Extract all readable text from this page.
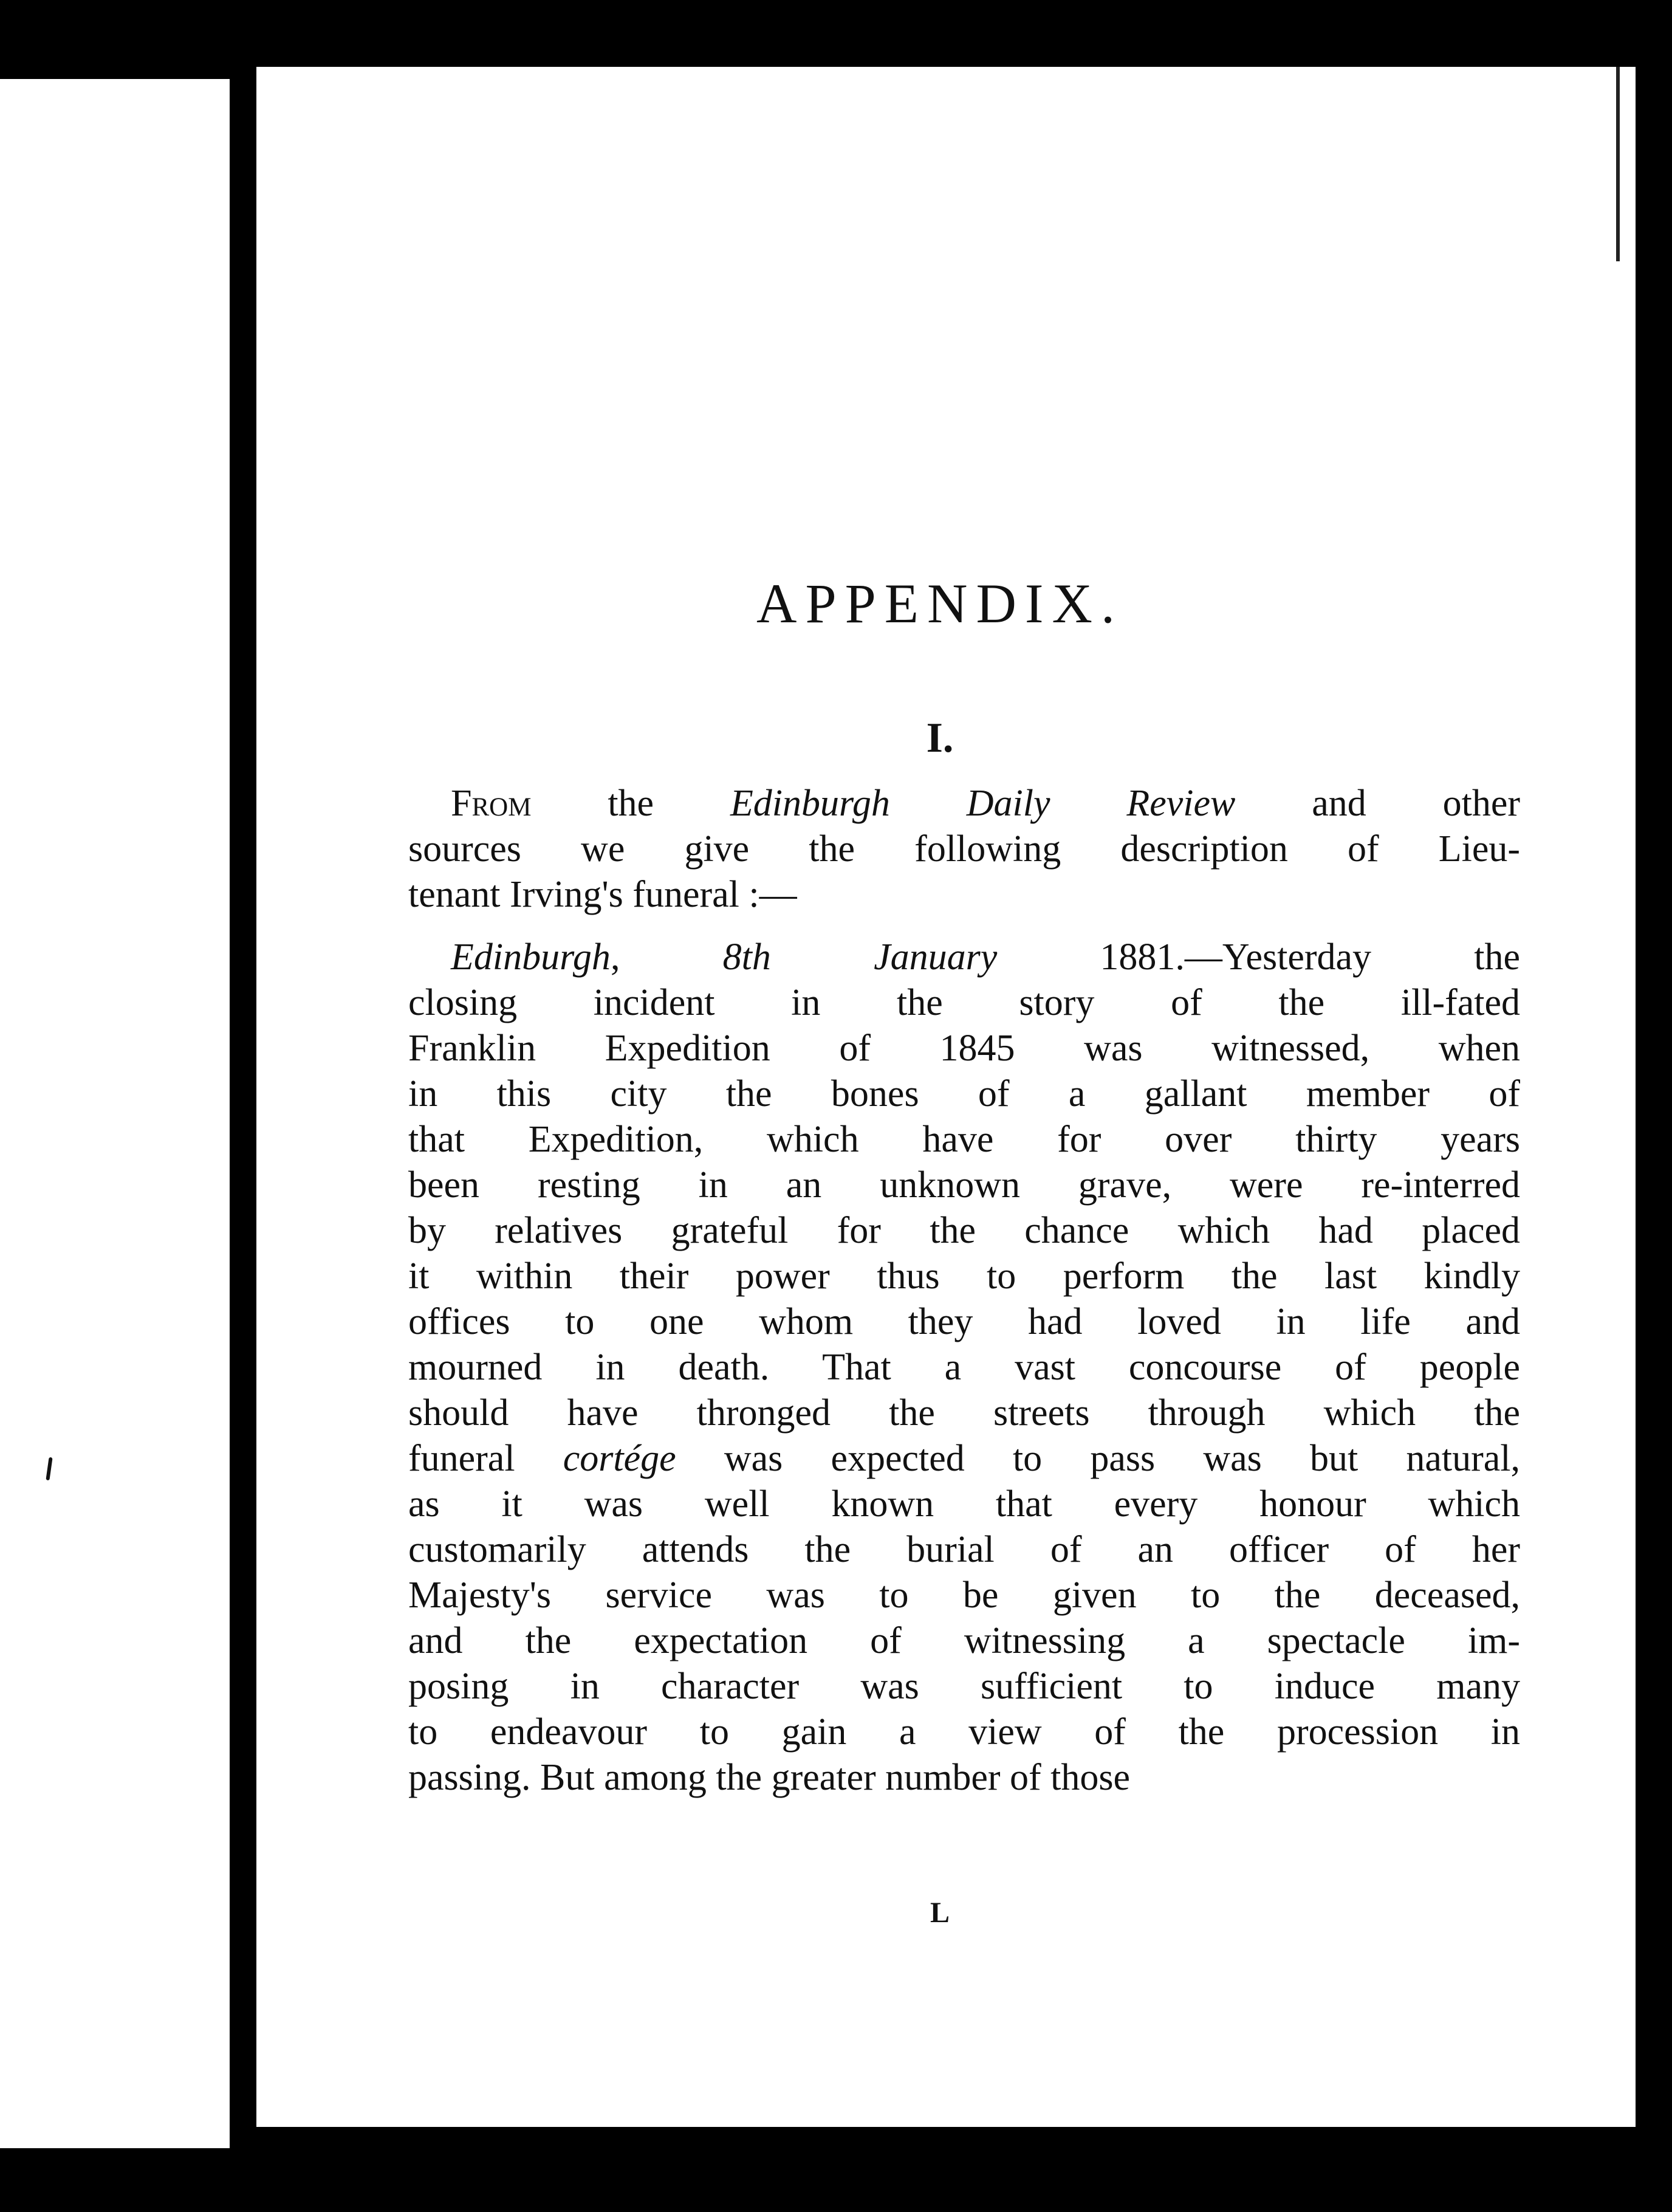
APPENDIX.
I.

From the Edinburgh Daily Review and other
sources we give the following description of Lieu-
tenant Irving's funeral :—

Edinburgh, 8th January 1881.—Yesterday the
closing incident in the story of the ill-fated
Franklin Expedition of 1845 was witnessed, when
in this city the bones of a gallant member of
that Expedition, which have for over thirty years
been resting in an unknown grave, were re-interred
by relatives grateful for the chance which had placed
it within their power thus to perform the last kindly
offices to one whom they had loved in life and
mourned in death. That a vast concourse of people
should have thronged the streets through which the
funeral cortége was expected to pass was but natural,
as it was well known that every honour which
customarily attends the burial of an officer of her
Majesty's service was to be given to the deceased,
and the expectation of witnessing a spectacle im-
posing in character was sufficient to induce many
to endeavour to gain a view of the procession in
passing. But among the greater number of those

L
